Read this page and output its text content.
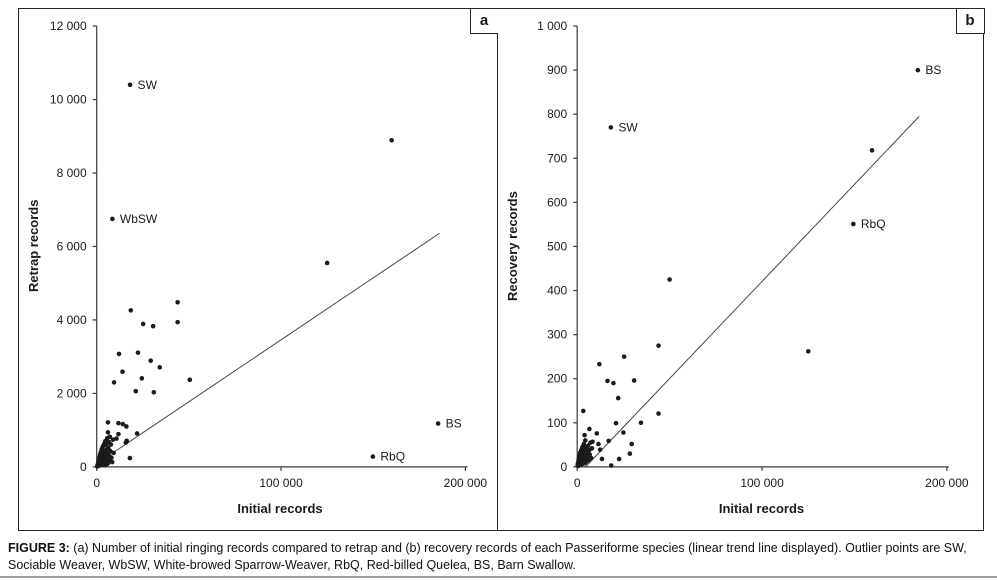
0
2 000
4 000
6 000
8 000
10 000
12 000
0	100 000	200 000
SW
WbSW
RbQ
BS
a
Initial records
Retrap records
0
100
200
300
400
500
600
700
800
900
1 000
0	100 000	200 000
SW
RbQ
BS
b
Initial records
Recovery records
FIGURE 3: (a) Number of initial ringing records compared to retrap and (b) recovery records of each Passeriforme species (linear trend line displayed). Outlier points are SW, Sociable Weaver, WbSW, White-browed Sparrow-Weaver, RbQ, Red-billed Quelea, BS, Barn Swallow.
